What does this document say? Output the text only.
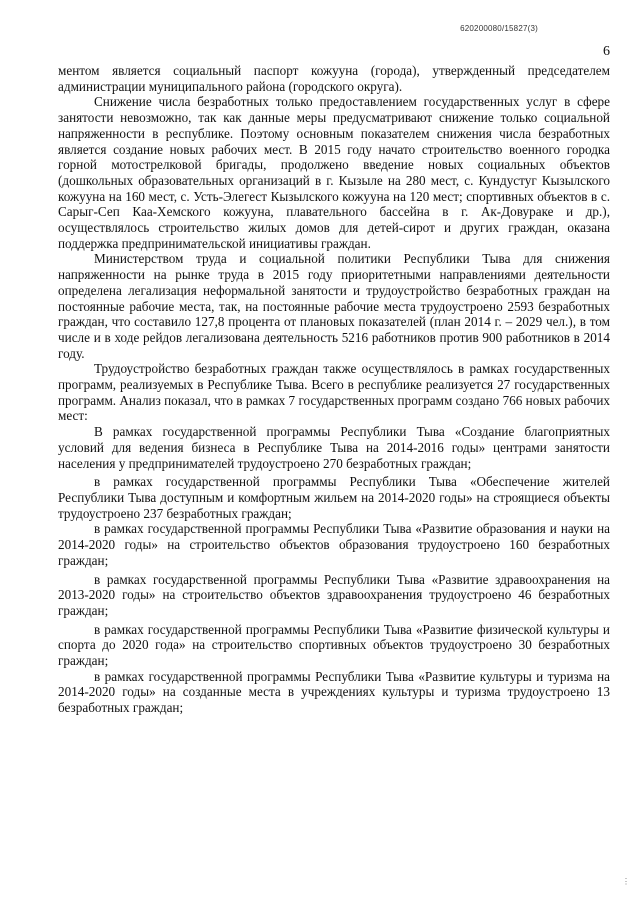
620200080/15827(3)
6

ментом является социальный паспорт кожууна (города), утвержденный председателем администрации муниципального района (городского округа).

Снижение числа безработных только предоставлением государственных услуг в сфере занятости невозможно, так как данные меры предусматривают снижение только социальной напряженности в республике. Поэтому основным показателем снижения числа безработных является создание новых рабочих мест. В 2015 году начато строительство военного городка горной мотострелковой бригады, продолжено введение новых социальных объектов (дошкольных образовательных организаций в г. Кызыле на 280 мест, с. Кундустуг Кызылского кожууна на 160 мест, с. Усть-Элегест Кызылского кожууна на 120 мест; спортивных объектов в с. Сарыг-Сеп Каа-Хемского кожууна, плавательного бассейна в г. Ак-Довураке и др.), осуществлялось строительство жилых домов для детей-сирот и других граждан, оказана поддержка предпринимательской инициативы граждан.

Министерством труда и социальной политики Республики Тыва для снижения напряженности на рынке труда в 2015 году приоритетными направлениями деятельности определена легализация неформальной занятости и трудоустройство безработных граждан на постоянные рабочие места, так, на постоянные рабочие места трудоустроено 2593 безработных граждан, что составило 127,8 процента от плановых показателей (план 2014 г. – 2029 чел.), в том числе и в ходе рейдов легализована деятельность 5216 работников против 900 работников в 2014 году.

Трудоустройство безработных граждан также осуществлялось в рамках государственных программ, реализуемых в Республике Тыва. Всего в республике реализуется 27 государственных программ. Анализ показал, что в рамках 7 государственных программ создано 766 новых рабочих мест:

В рамках государственной программы Республики Тыва «Создание благоприятных условий для ведения бизнеса в Республике Тыва на 2014-2016 годы» центрами занятости населения у предпринимателей трудоустроено 270 безработных граждан;

в рамках государственной программы Республики Тыва «Обеспечение жителей Республики Тыва доступным и комфортным жильем на 2014-2020 годы» на строящиеся объекты трудоустроено 237 безработных граждан;

в рамках государственной программы Республики Тыва «Развитие образования и науки на 2014-2020 годы» на строительство объектов образования трудоустроено 160 безработных граждан;

в рамках государственной программы Республики Тыва «Развитие здравоохранения на 2013-2020 годы» на строительство объектов здравоохранения трудоустроено 46 безработных граждан;

в рамках государственной программы Республики Тыва «Развитие физической культуры и спорта до 2020 года» на строительство спортивных объектов трудоустроено 30 безработных граждан;

в рамках государственной программы Республики Тыва «Развитие культуры и туризма на 2014-2020 годы» на созданные места в учреждениях культуры и туризма трудоустроено 13 безработных граждан;

⋮
